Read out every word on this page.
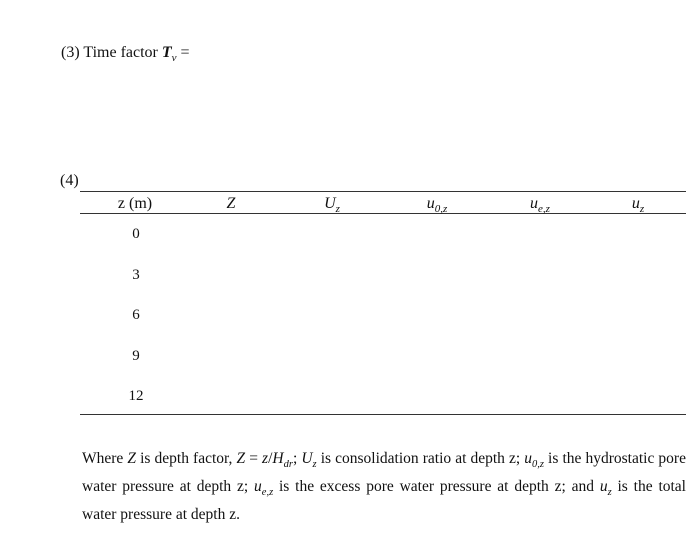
(3) Time factor $T_v$ =
(4)
z (m)	Z	$U_z$	$u_{0,z}$	$u_{e,z}$	$u_z$
0
3
6
9
12
Where Z is depth factor, $Z = z/H_{dr}$; $U_z$ is consolidation ratio at depth z; $u_{0,z}$ is the hydrostatic pore water pressure at depth z; $u_{e,z}$ is the excess pore water pressure at depth z; and $u_z$ is the total water pressure at depth z.
